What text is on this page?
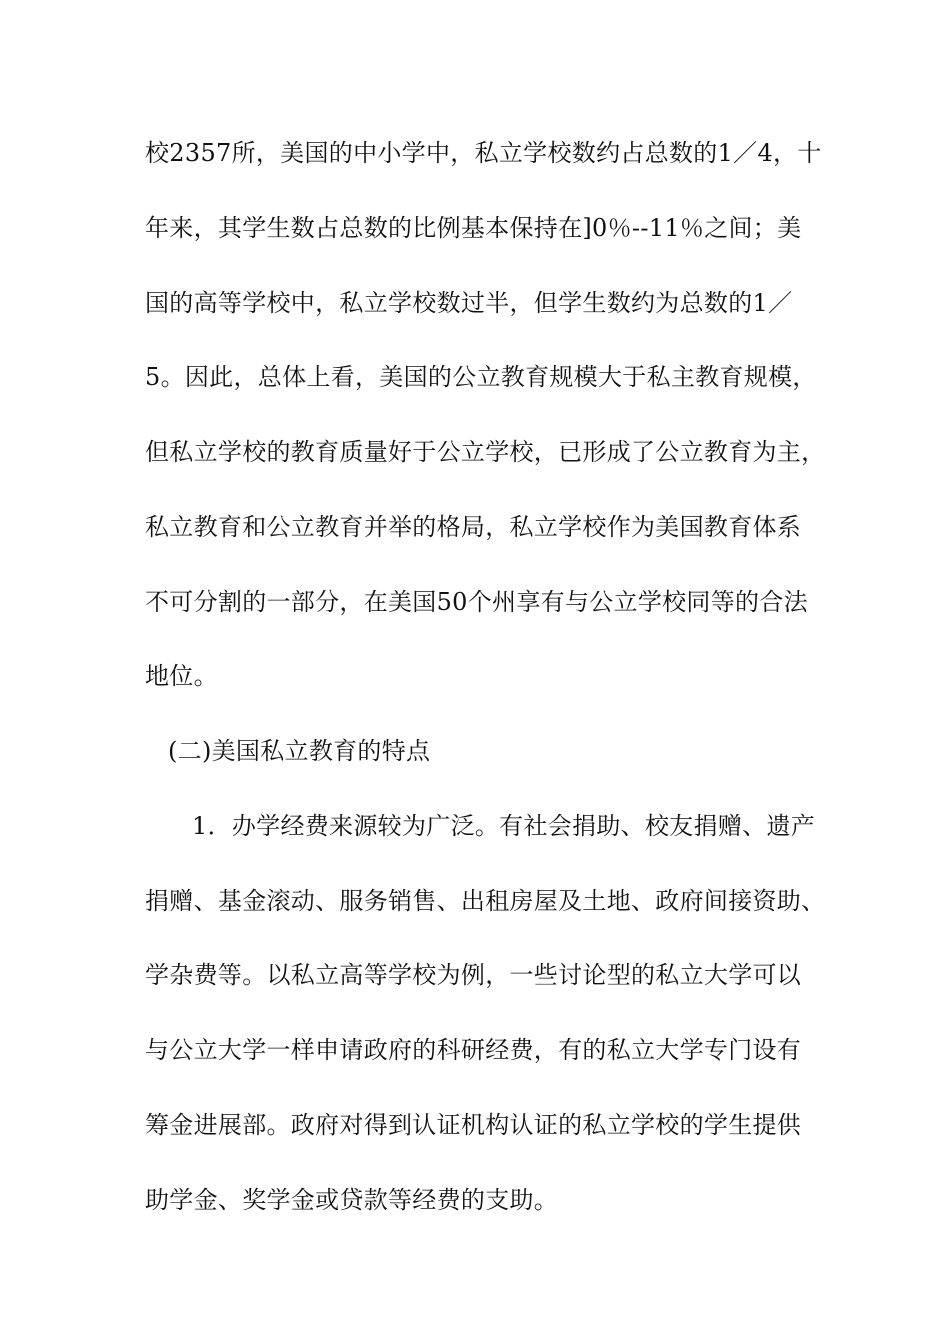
校2357所，美国的中小学中，私立学校数约占总数的1／4，十
年来，其学生数占总数的比例基本保持在]0％--11％之间；美
国的高等学校中，私立学校数过半，但学生数约为总数的1／
5。因此，总体上看，美国的公立教育规模大于私主教育规模，
但私立学校的教育质量好于公立学校，已形成了公立教育为主，
私立教育和公立教育并举的格局，私立学校作为美国教育体系
不可分割的一部分，在美国50个州享有与公立学校同等的合法
地位。
(二)美国私立教育的特点
1．办学经费来源较为广泛。有社会捐助、校友捐赠、遗产
捐赠、基金滚动、服务销售、出租房屋及土地、政府间接资助、
学杂费等。以私立高等学校为例，一些讨论型的私立大学可以
与公立大学一样申请政府的科研经费，有的私立大学专门设有
筹金进展部。政府对得到认证机构认证的私立学校的学生提供
助学金、奖学金或贷款等经费的支助。
